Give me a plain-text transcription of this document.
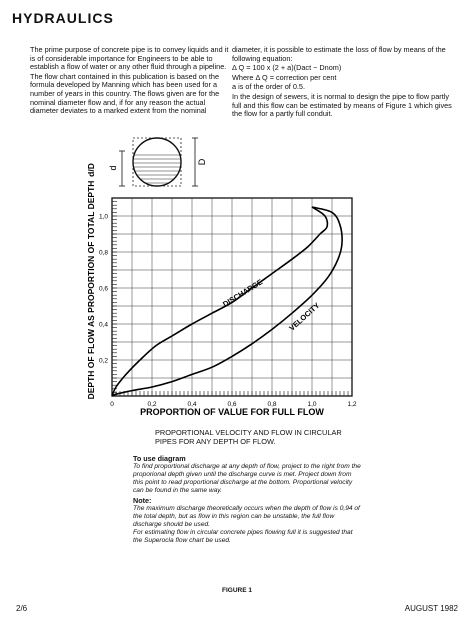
HYDRAULICS

The prime purpose of concrete pipe is to convey liquids and it is of considerable importance for Engineers to be able to establish a flow of water or any other fluid through a pipeline.

The flow chart contained in this publication is based on the formula developed by Manning which has been used for a number of years in this country. The flows given are for the nominal diameter flow and, if for any reason the actual diameter deviates to a marked extent from the nominal

diameter, it is possible to estimate the loss of flow by means of the following equation:

Δ Q = 100 x (2 + a)(Dact − Dnom)

Where Δ Q = correction per cent

a is of the order of 0.5.

In the design of sewers, it is normal to design the pipe to flow partly full and this flow can be estimated by means of Figure 1 which gives the flow for a partly full conduit.

d
D
0	0,2	0,4	0,6	0,8	1,0	1,2
0,2
0,4
0,6
0,8
1,0
DISCHARGE
VELOCITY
DEPTH OF FLOW AS PROPORTION OF TOTAL DEPTH
d/D
PROPORTION OF VALUE FOR FULL FLOW
PROPORTIONAL VELOCITY AND FLOW IN CIRCULAR PIPES FOR ANY DEPTH OF FLOW.

To use diagram

To find proportional discharge at any depth of flow, project to the right from the proporional depth given until the discharge curve is met. Project down from this point to read proportional discharge at the bottom. Proportional velocity can be found in the same way.

Note:

The maximum discharge theoretically occurs when the depth of flow is 0,94 of the total depth, but as flow in this region can be unstable, the full flow discharge should be used.

For estimating flow in circular concrete pipes flowing full it is suggested that the Superocla flow chart be used.

FIGURE 1
2/6	AUGUST 1982
